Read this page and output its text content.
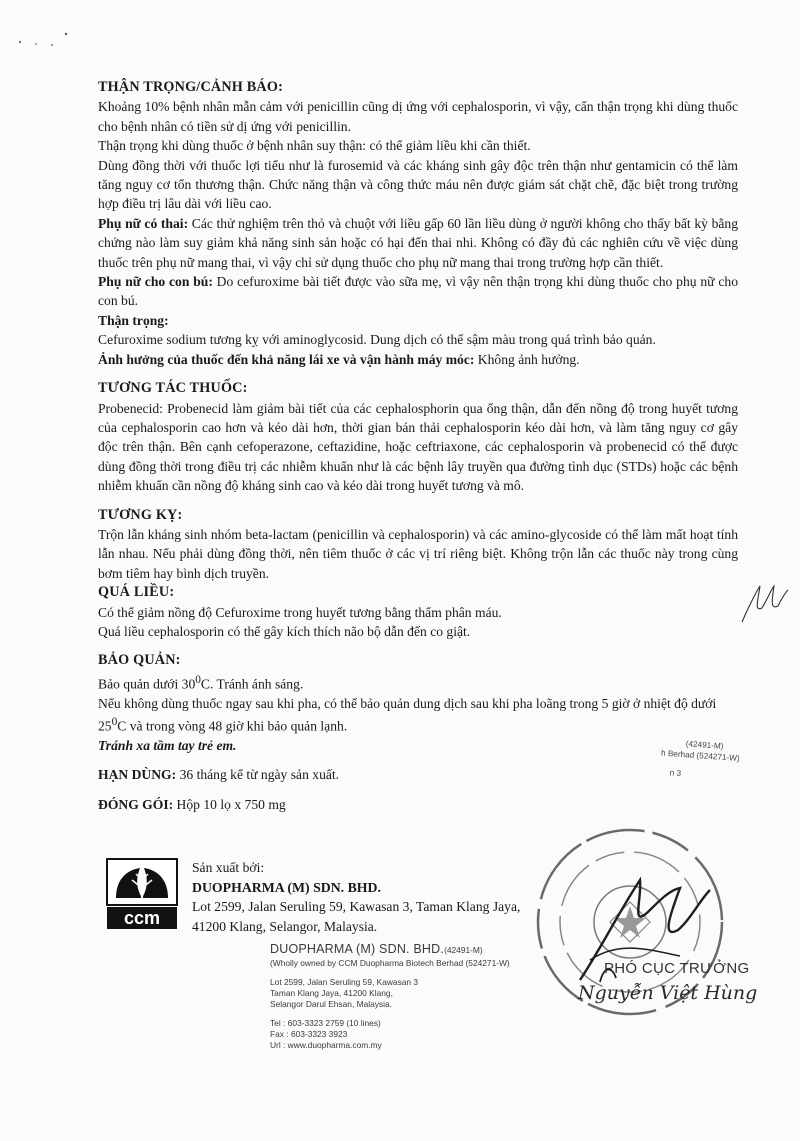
THẬN TRỌNG/CẢNH BÁO:

Khoảng 10% bệnh nhân mẫn cảm với penicillin cũng dị ứng với cephalosporin, vì vậy, cẩn thận trọng khi dùng thuốc cho bệnh nhân có tiền sử dị ứng với penicillin.

Thận trọng khi dùng thuốc ở bệnh nhân suy thận: có thể giảm liều khi cần thiết.

Dùng đồng thời với thuốc lợi tiểu như là furosemid và các kháng sinh gây độc trên thận như gentamicin có thể làm tăng nguy cơ tổn thương thận. Chức năng thận và công thức máu nên được giám sát chặt chẽ, đặc biệt trong trường hợp điều trị lâu dài với liều cao.

Phụ nữ có thai: Các thử nghiệm trên thỏ và chuột với liều gấp 60 lần liều dùng ở người không cho thấy bất kỳ bằng chứng nào làm suy giảm khả năng sinh sản hoặc có hại đến thai nhi. Không có đầy đủ các nghiên cứu về việc dùng thuốc trên phụ nữ mang thai, vì vậy chỉ sử dụng thuốc cho phụ nữ mang thai trong trường hợp cần thiết.

Phụ nữ cho con bú: Do cefuroxime bài tiết được vào sữa mẹ, vì vậy nên thận trọng khi dùng thuốc cho phụ nữ cho con bú.

Thận trọng:

Cefuroxime sodium tương kỵ với aminoglycosid. Dung dịch có thể sậm màu trong quá trình bảo quản.

Ảnh hưởng của thuốc đến khả năng lái xe và vận hành máy móc: Không ảnh hưởng.

TƯƠNG TÁC THUỐC:

Probenecid: Probenecid làm giảm bài tiết của các cephalosphorin qua ống thận, dẫn đến nồng độ trong huyết tương của cephalosporin cao hơn và kéo dài hơn, thời gian bán thải cephalosporin kéo dài hơn, và làm tăng nguy cơ gây độc trên thận. Bên cạnh cefoperazone, ceftazidine, hoặc ceftriaxone, các cephalosporin và probenecid có thể được dùng đồng thời trong điều trị các nhiễm khuẩn như là các bệnh lây truyền qua đường tình dục (STDs) hoặc các bệnh nhiễm khuẩn cần nồng độ kháng sinh cao và kéo dài trong huyết tương và mô.

TƯƠNG KỴ:

Trộn lẫn kháng sinh nhóm beta-lactam (penicillin và cephalosporin) và các amino-glycoside có thể làm mất hoạt tính lẫn nhau. Nếu phải dùng đồng thời, nên tiêm thuốc ở các vị trí riêng biệt. Không trộn lẫn các thuốc này trong cùng bơm tiêm hay bình dịch truyền.

QUÁ LIỀU:

Có thể giảm nồng độ Cefuroxime trong huyết tương bằng thẩm phân máu.

Quá liều cephalosporin có thể gây kích thích não bộ dẫn đến co giật.

BẢO QUẢN:

Bảo quản dưới $30^0C$. Tránh ánh sáng.

Nếu không dùng thuốc ngay sau khi pha, có thể bảo quản dung dịch sau khi pha loãng trong 5 giờ ở nhiệt độ dưới $25^0C$ và trong vòng 48 giờ khi bảo quản lạnh.

Tránh xa tầm tay trẻ em.

HẠN DÙNG: 36 tháng kể từ ngày sản xuất.

ĐÓNG GÓI: Hộp 10 lọ x 750 mg

(42491-M)
h Berhad (524271-W)
n 3
ccm
Sản xuất bởi:
DUOPHARMA (M) SDN. BHD.
Lot 2599, Jalan Seruling 59, Kawasan 3, Taman Klang Jaya,
41200 Klang, Selangor, Malaysia.
DUOPHARMA (M) SDN. BHD.(42491-M)
(Wholly owned by CCM Duopharma Biotech Berhad (524271-W)
Lot 2599, Jalan Seruling 59, Kawasan 3
Taman Klang Jaya, 41200 Klang,
Selangor Darul Ehsan, Malaysia.
Tel : 603-3323 2759 (10 lines)
Fax : 603-3323 3923
Url : www.duopharma.com.my
PHÓ CỤC TRƯỞNG
Nguyễn Việt Hùng
